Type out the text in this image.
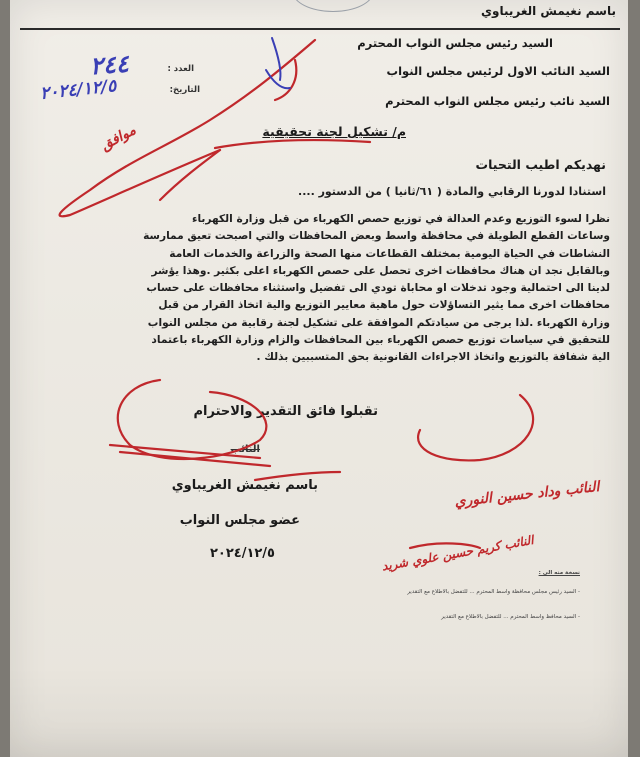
باسم نغيمش الغريباوي
العدد :
التاريخ:
٢٤٤
٢٠٢٤/١٢/٥
السيد رئيس مجلس النواب المحترم
السيد النائب الاول لرئيس مجلس النواب
السيد نائب رئيس مجلس النواب المحترم
م/ تشكيل لجنة تحقيقية
نهديكم اطيب التحيات
استنادا لدورنا الرقابي والمادة ( ٦١/ثانيا ) من الدستور ....
نظرا لسوء التوزيع وعدم العدالة في توزيع حصص الكهرباء من قبل وزارة الكهرباء
وساعات القطع الطويلة في محافظة واسط وبعض المحافظات والتي اصبحت تعيق ممارسة
النشاطات في الحياة اليومية بمختلف القطاعات منها الصحة والزراعة والخدمات العامة
وبالقابل نجد ان هناك محافظات اخرى تحصل على حصص الكهرباء اعلى بكثير .وهذا يؤشر
لدينا الى احتمالية وجود تدخلات او محاباة تودي الى تفضيل واستثناء محافظات على حساب
محافظات اخرى مما يثير التساؤلات حول ماهية معايير التوزيع والية اتخاذ القرار من قبل
وزارة الكهرباء .لذا يرجى من سيادتكم الموافقة على تشكيل لجنة رقابية من مجلس النواب
للتحقيق في سياسات توزيع حصص الكهرباء بين المحافظات والزام وزارة الكهرباء باعتماد
الية شفافة بالتوزيع واتخاذ الاجراءات القانونية بحق المتسببين بذلك .
تقبلوا فائق التقدير والاحترام
النائب
باسم نغيمش الغريباوي
عضو مجلس النواب
٢٠٢٤/١٢/٥
موافق
النائب وداد حسين النوري
النائب كريم حسين علوي شريد نسخة منه الى :
- السيد رئيس مجلس محافظة واسط المحترم ... للتفضل بالاطلاع مع التقدير
- السيد محافظ واسط المحترم ... للتفضل بالاطلاع مع التقدير
